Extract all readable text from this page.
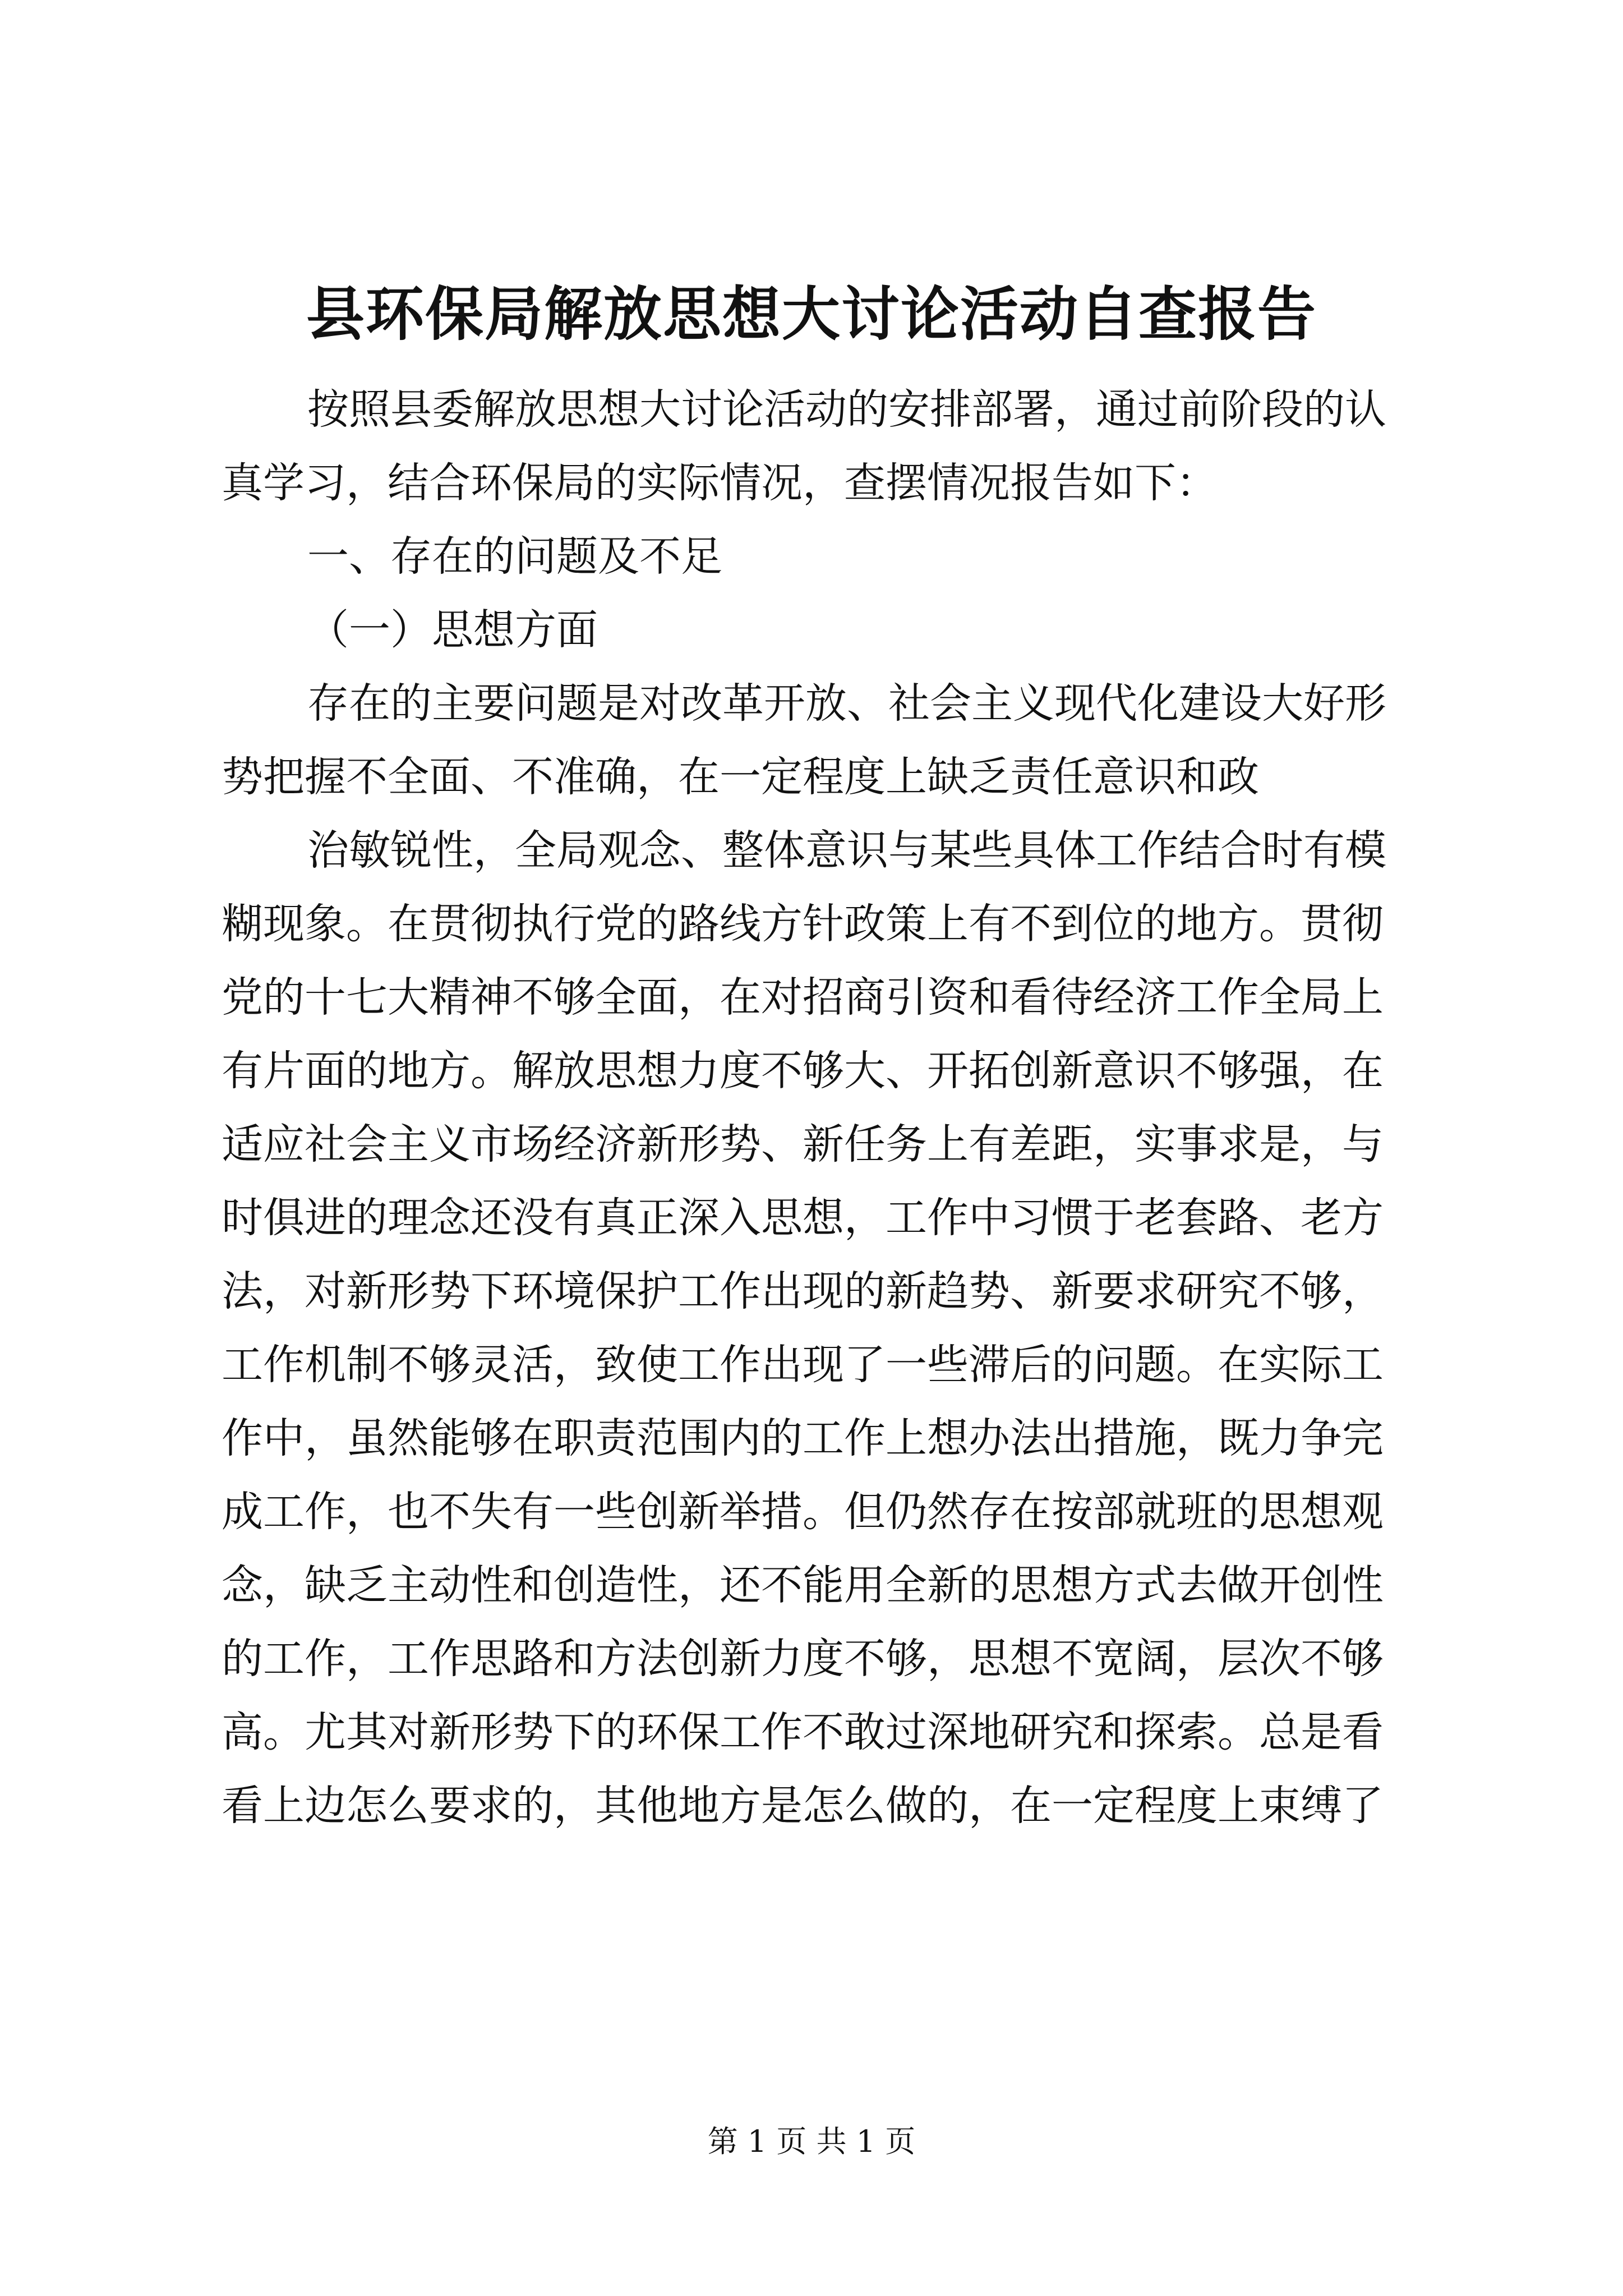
县环保局解放思想大讨论活动自查报告

按照县委解放思想大讨论活动的安排部署，通过前阶段的认

真学习，结合环保局的实际情况，查摆情况报告如下：

一、存在的问题及不足

（一）思想方面

存在的主要问题是对改革开放、社会主义现代化建设大好形

势把握不全面、不准确，在一定程度上缺乏责任意识和政

治敏锐性，全局观念、整体意识与某些具体工作结合时有模

糊现象。在贯彻执行党的路线方针政策上有不到位的地方。贯彻

党的十七大精神不够全面，在对招商引资和看待经济工作全局上

有片面的地方。解放思想力度不够大、开拓创新意识不够强，在

适应社会主义市场经济新形势、新任务上有差距，实事求是，与

时俱进的理念还没有真正深入思想，工作中习惯于老套路、老方

法，对新形势下环境保护工作出现的新趋势、新要求研究不够，

工作机制不够灵活，致使工作出现了一些滞后的问题。在实际工

作中，虽然能够在职责范围内的工作上想办法出措施，既力争完

成工作，也不失有一些创新举措。但仍然存在按部就班的思想观

念，缺乏主动性和创造性，还不能用全新的思想方式去做开创性

的工作，工作思路和方法创新力度不够，思想不宽阔，层次不够

高。尤其对新形势下的环保工作不敢过深地研究和探索。总是看

看上边怎么要求的，其他地方是怎么做的，在一定程度上束缚了

第 1 页 共 1 页
